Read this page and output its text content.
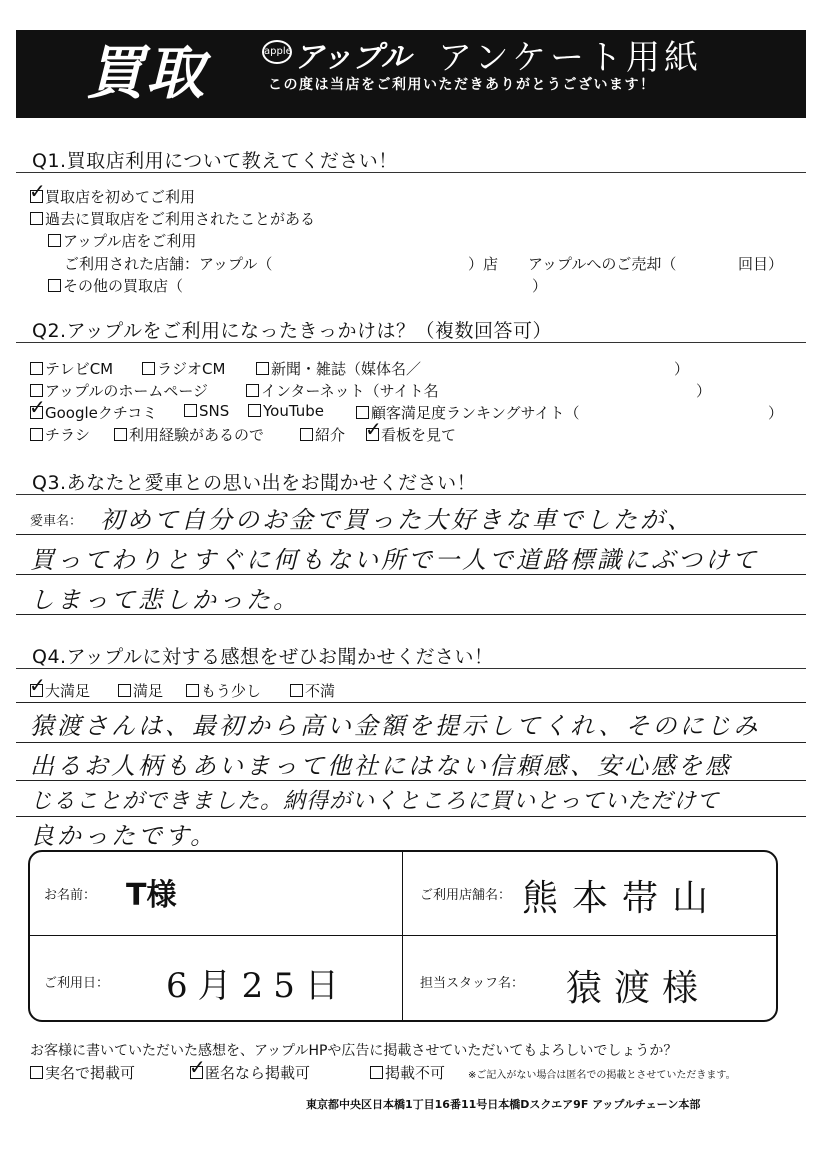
買取	apple アップル アンケート用紙
この度は当店をご利用いただきありがとうございます！
Q1.買取店利用について教えてください！
✓買取店を初めてご利用
過去に買取店をご利用されたことがある
アップル店をご利用
ご利用された店舗：アップル（	）店 アップルへのご売却（	回目）
その他の買取店（	）
Q2.アップルをご利用になったきっかけは？（複数回答可）
テレビCM	ラジオCM	新聞・雑誌（媒体名／	）
アップルのホームページ	インターネット（サイト名	）
✓Googleクチコミ	SNS	YouTube	顧客満足度ランキングサイト（	）
チラシ	利用経験があるので	紹介 ✓	看板を見て
Q3.あなたと愛車との思い出をお聞かせください！
愛車名： 初めて自分のお金で買った大好きな車でしたが、
買ってわりとすぐに何もない所で一人で道路標識にぶつけて
しまって悲しかった。
Q4.アップルに対する感想をぜひお聞かせください！
✓大満足	満足	もう少し	不満
猿渡さんは、最初から高い金額を提示してくれ、そのにじみ
出るお人柄もあいまって他社にはない信頼感、安心感を感
じることができました。納得がいくところに買いとっていただけて
良かったです。
お名前： T様	ご利用店舗名： 熊本帯山
ご利用日： 6月25日	担当スタッフ名： 猿渡様
お客様に書いていただいた感想を、アップルHPや広告に掲載させていただいてもよろしいでしょうか？
実名で掲載可 ✓	匿名なら掲載可	掲載不可 ※ご記入がない場合は匿名での掲載とさせていただきます。
東京都中央区日本橋1丁目16番11号日本橋Dスクエア9F アップルチェーン本部
